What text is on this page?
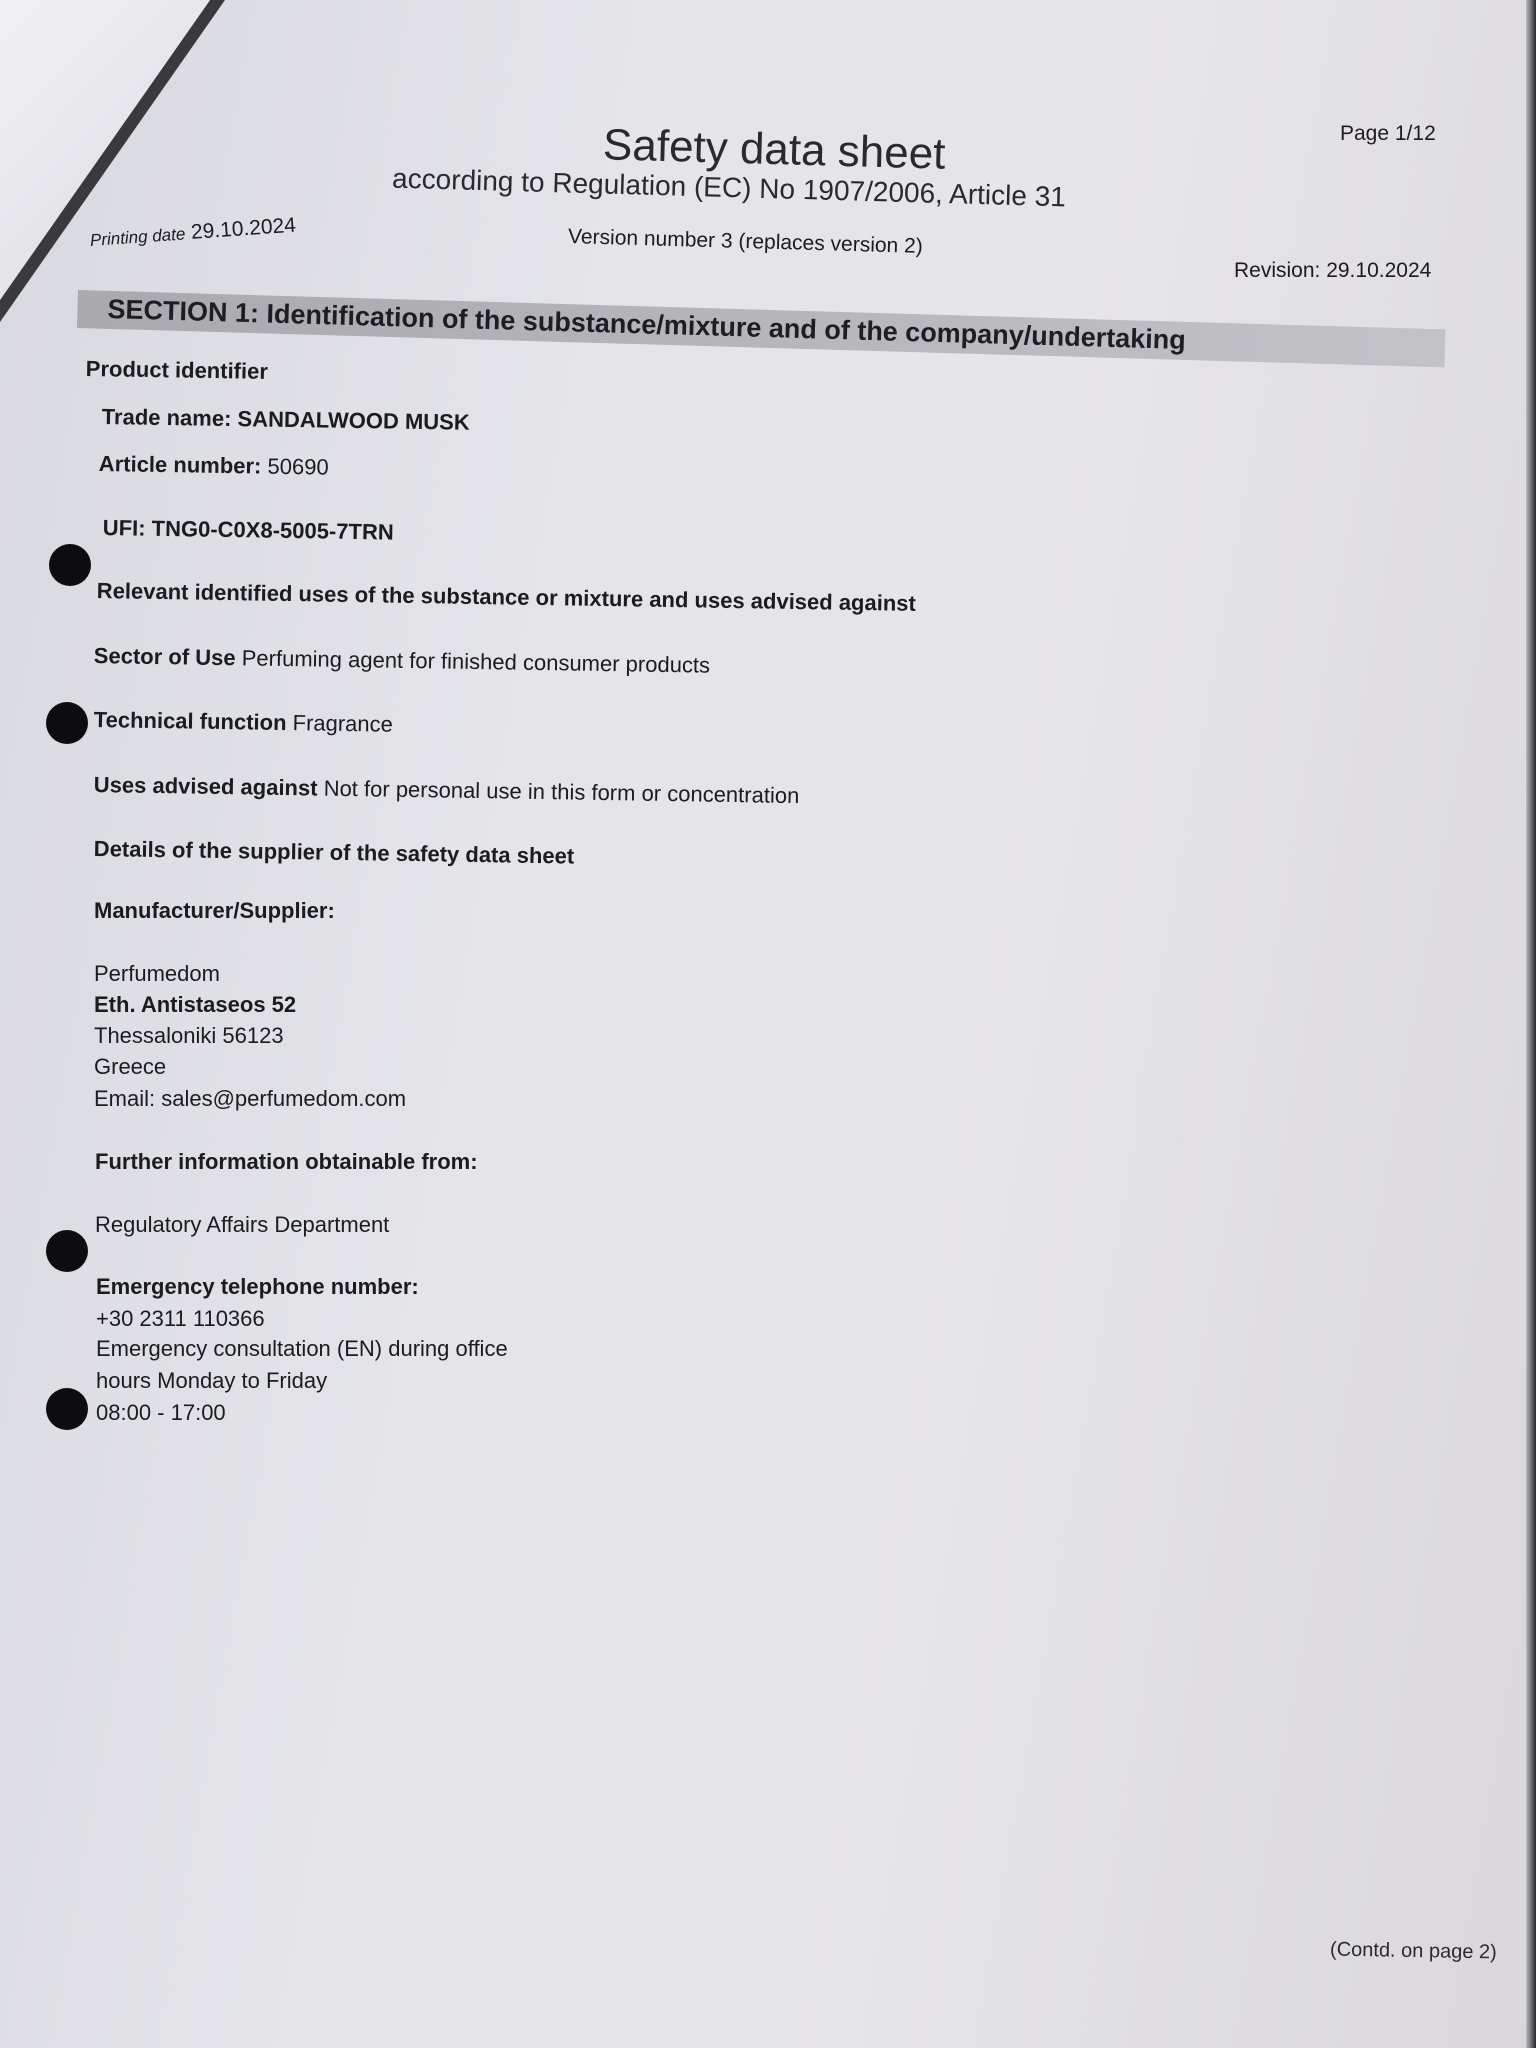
Safety data sheet
according to Regulation (EC) No 1907/2006, Article 31
Page 1/12
Printing date 29.10.2024	Version number 3 (replaces version 2)
Revision: 29.10.2024
SECTION 1: Identification of the substance/mixture and of the company/undertaking
Product identifier
Trade name: SANDALWOOD MUSK
Article number: 50690
UFI: TNG0-C0X8-5005-7TRN
Relevant identified uses of the substance or mixture and uses advised against
Sector of Use Perfuming agent for finished consumer products
Technical function Fragrance
Uses advised against Not for personal use in this form or concentration
Details of the supplier of the safety data sheet
Manufacturer/Supplier:
Perfumedom
Eth. Antistaseos 52
Thessaloniki 56123
Greece
Email: sales@perfumedom.com
Further information obtainable from:
Regulatory Affairs Department
Emergency telephone number:
+30 2311 110366
Emergency consultation (EN) during office
hours Monday to Friday
08:00 - 17:00
(Contd. on page 2)
